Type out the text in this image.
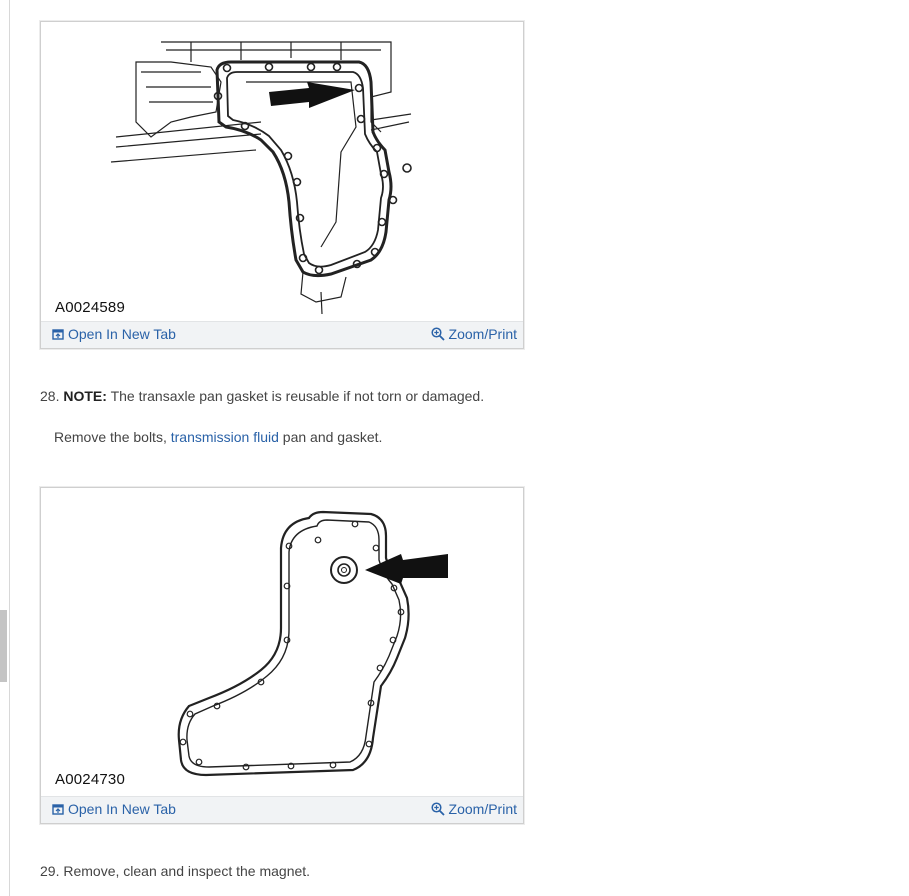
A0024589
Open In New Tab	Zoom/Print
28. NOTE: The transaxle pan gasket is reusable if not torn or damaged.
Remove the bolts, transmission fluid pan and gasket.
A0024730
Open In New Tab	Zoom/Print
29. Remove, clean and inspect the magnet.
